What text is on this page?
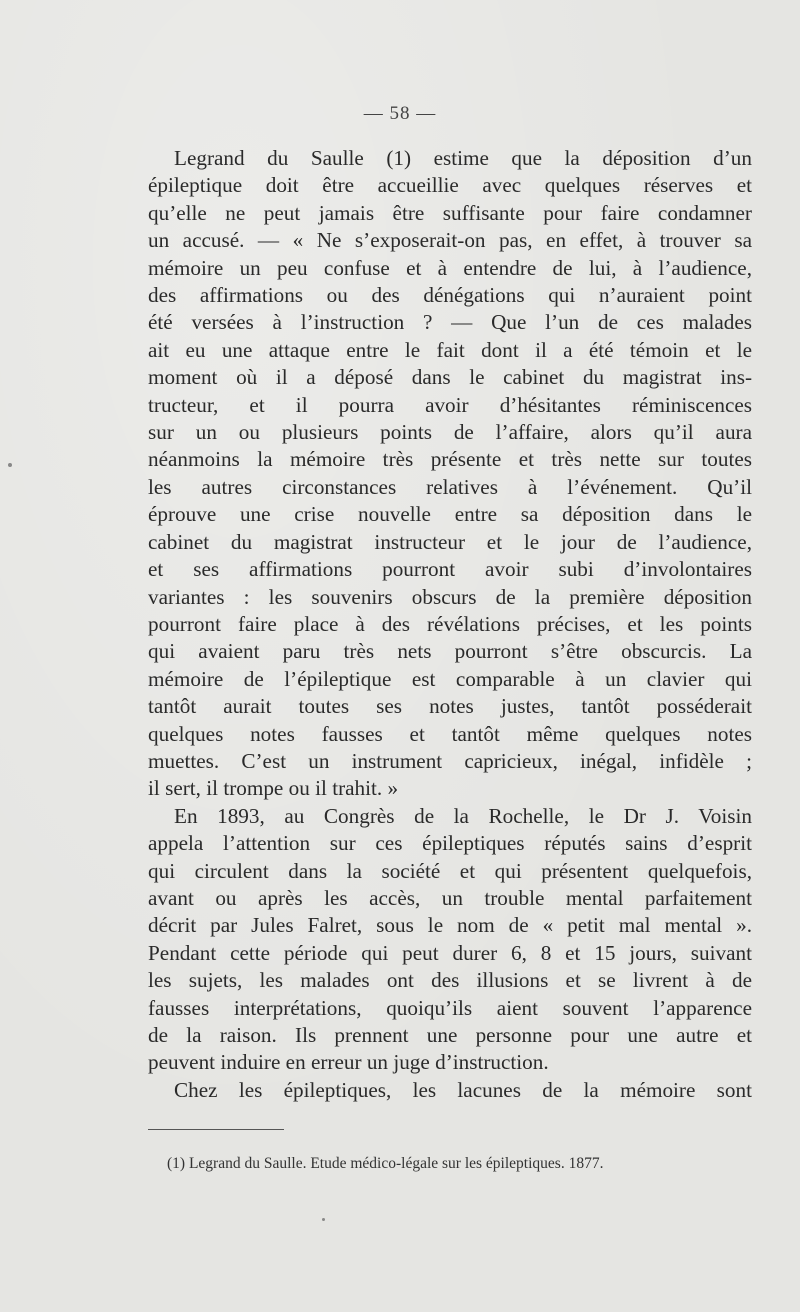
— 58 —
Legrand du Saulle (1) estime que la déposition d’un
épileptique doit être accueillie avec quelques réserves et
qu’elle ne peut jamais être suffisante pour faire condamner
un accusé. — « Ne s’exposerait-on pas, en effet, à trouver sa
mémoire un peu confuse et à entendre de lui, à l’audience,
des affirmations ou des dénégations qui n’auraient point
été versées à l’instruction ? — Que l’un de ces malades
ait eu une attaque entre le fait dont il a été témoin et le
moment où il a déposé dans le cabinet du magistrat ins-
tructeur, et il pourra avoir d’hésitantes réminiscences
sur un ou plusieurs points de l’affaire, alors qu’il aura
néanmoins la mémoire très présente et très nette sur toutes
les autres circonstances relatives à l’événement. Qu’il
éprouve une crise nouvelle entre sa déposition dans le
cabinet du magistrat instructeur et le jour de l’audience,
et ses affirmations pourront avoir subi d’involontaires
variantes : les souvenirs obscurs de la première déposition
pourront faire place à des révélations précises, et les points
qui avaient paru très nets pourront s’être obscurcis. La
mémoire de l’épileptique est comparable à un clavier qui
tantôt aurait toutes ses notes justes, tantôt posséderait
quelques notes fausses et tantôt même quelques notes
muettes. C’est un instrument capricieux, inégal, infidèle ;
il sert, il trompe ou il trahit. »
En 1893, au Congrès de la Rochelle, le Dr J. Voisin
appela l’attention sur ces épileptiques réputés sains d’esprit
qui circulent dans la société et qui présentent quelquefois,
avant ou après les accès, un trouble mental parfaitement
décrit par Jules Falret, sous le nom de « petit mal mental ».
Pendant cette période qui peut durer 6, 8 et 15 jours, suivant
les sujets, les malades ont des illusions et se livrent à de
fausses interprétations, quoiqu’ils aient souvent l’apparence
de la raison. Ils prennent une personne pour une autre et
peuvent induire en erreur un juge d’instruction.
Chez les épileptiques, les lacunes de la mémoire sont
(1) Legrand du Saulle. Etude médico-légale sur les épileptiques. 1877.
